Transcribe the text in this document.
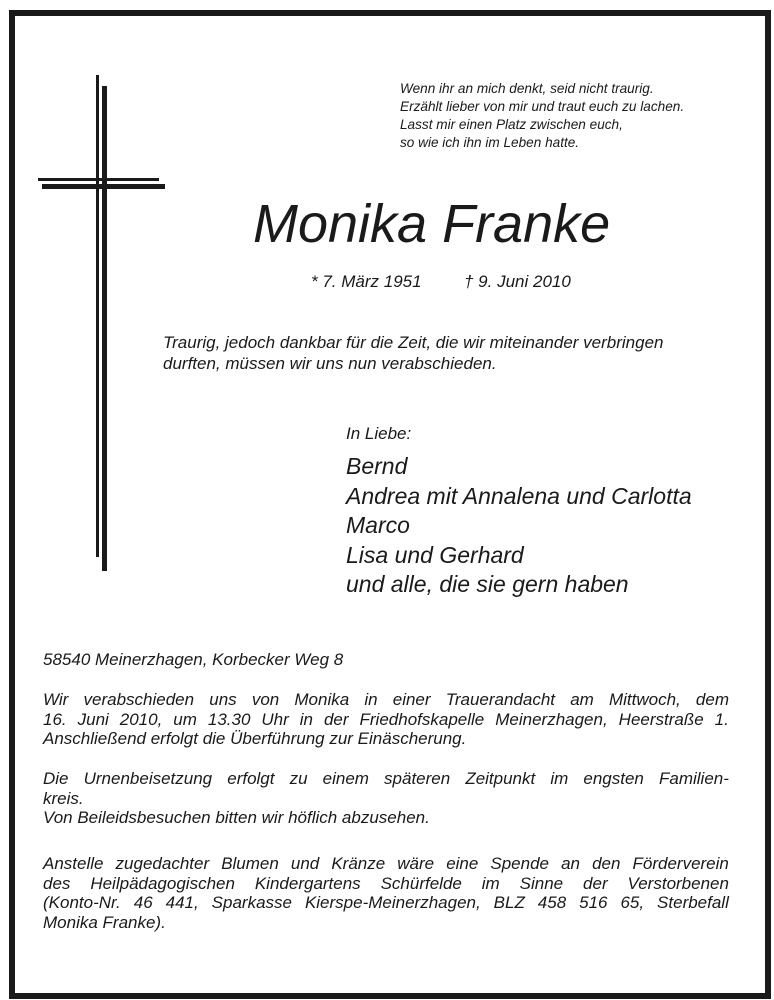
Wenn ihr an mich denkt, seid nicht traurig.
Erzählt lieber von mir und traut euch zu lachen.
Lasst mir einen Platz zwischen euch,
so wie ich ihn im Leben hatte.
Monika Franke
* 7. März 1951 † 9. Juni 2010
Traurig, jedoch dankbar für die Zeit, die wir miteinander verbringen
durften, müssen wir uns nun verabschieden.
In Liebe:
Bernd
Andrea mit Annalena und Carlotta
Marco
Lisa und Gerhard
und alle, die sie gern haben
58540 Meinerzhagen, Korbecker Weg 8
Wir verabschieden uns von Monika in einer Trauerandacht am Mittwoch, dem
16. Juni 2010, um 13.30 Uhr in der Friedhofskapelle Meinerzhagen, Heerstraße 1.
Anschließend erfolgt die Überführung zur Einäscherung.
Die Urnenbeisetzung erfolgt zu einem späteren Zeitpunkt im engsten Familien-
kreis.
Von Beileidsbesuchen bitten wir höflich abzusehen.
Anstelle zugedachter Blumen und Kränze wäre eine Spende an den Förderverein
des Heilpädagogischen Kindergartens Schürfelde im Sinne der Verstorbenen
(Konto-Nr. 46 441, Sparkasse Kierspe-Meinerzhagen, BLZ 458 516 65, Sterbefall
Monika Franke).
